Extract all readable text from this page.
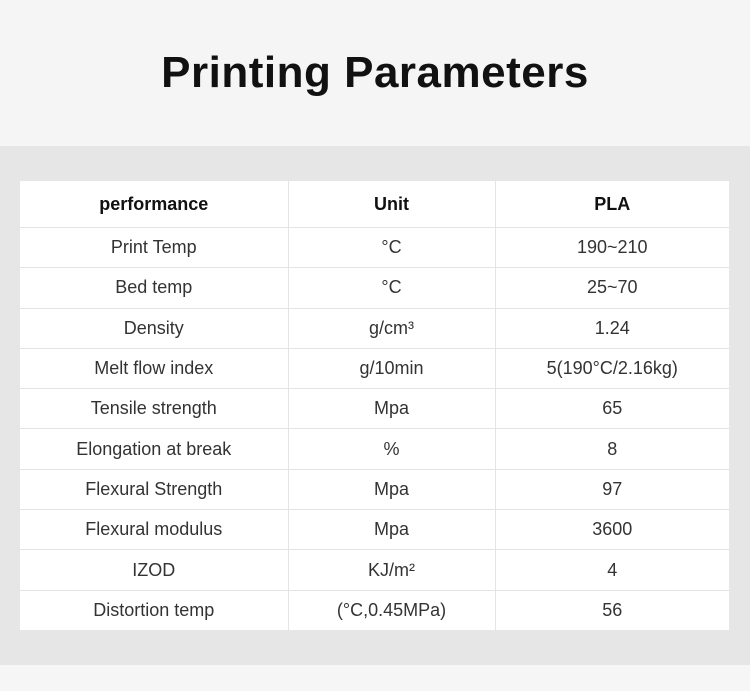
Printing Parameters
performance	Unit	PLA
Print Temp	°C	190~210
Bed temp	°C	25~70
Density	g/cm³	1.24
Melt flow index	g/10min	5(190°C/2.16kg)
Tensile strength	Mpa	65
Elongation at break	%	8
Flexural Strength	Mpa	97
Flexural modulus	Mpa	3600
IZOD	KJ/m²	4
Distortion temp	(°C,0.45MPa)	56
